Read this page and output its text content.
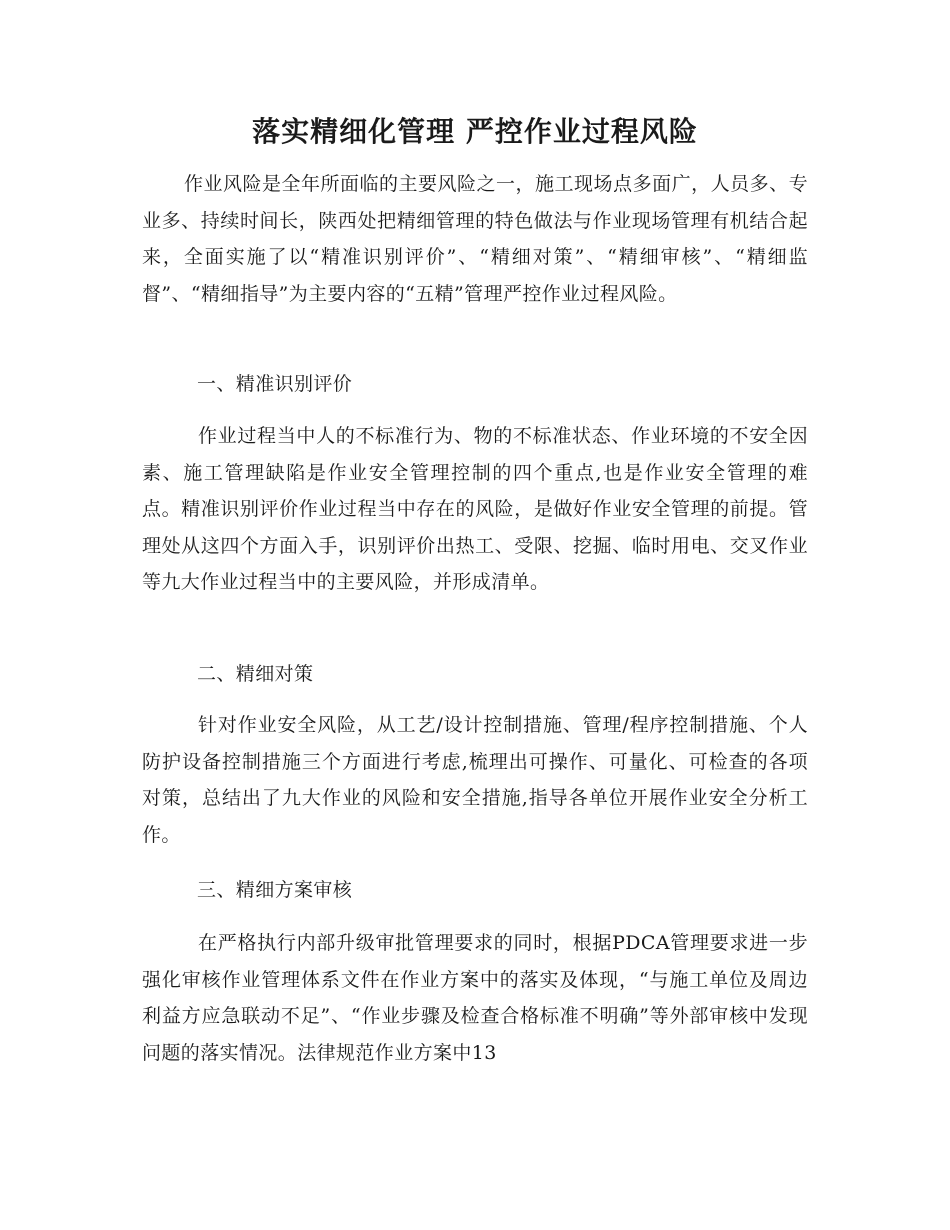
落实精细化管理 严控作业过程风险
作业风险是全年所面临的主要风险之一，施工现场点多面广，人员多、专业多、持续时间长，陕西处把精细管理的特色做法与作业现场管理有机结合起来，全面实施了以“精准识别评价”、“精细对策”、“精细审核”、“精细监督”、“精细指导”为主要内容的“五精”管理严控作业过程风险。
一、精准识别评价
作业过程当中人的不标准行为、物的不标准状态、作业环境的不安全因素、施工管理缺陷是作业安全管理控制的四个重点,也是作业安全管理的难点。精准识别评价作业过程当中存在的风险，是做好作业安全管理的前提。管理处从这四个方面入手，识别评价出热工、受限、挖掘、临时用电、交叉作业等九大作业过程当中的主要风险，并形成清单。
二、精细对策
针对作业安全风险，从工艺/设计控制措施、管理/程序控制措施、个人防护设备控制措施三个方面进行考虑,梳理出可操作、可量化、可检查的各项对策，总结出了九大作业的风险和安全措施,指导各单位开展作业安全分析工作。
三、精细方案审核
在严格执行内部升级审批管理要求的同时，根据PDCA管理要求进一步强化审核作业管理体系文件在作业方案中的落实及体现，“与施工单位及周边利益方应急联动不足”、“作业步骤及检查合格标准不明确”等外部审核中发现问题的落实情况。法律规范作业方案中13
